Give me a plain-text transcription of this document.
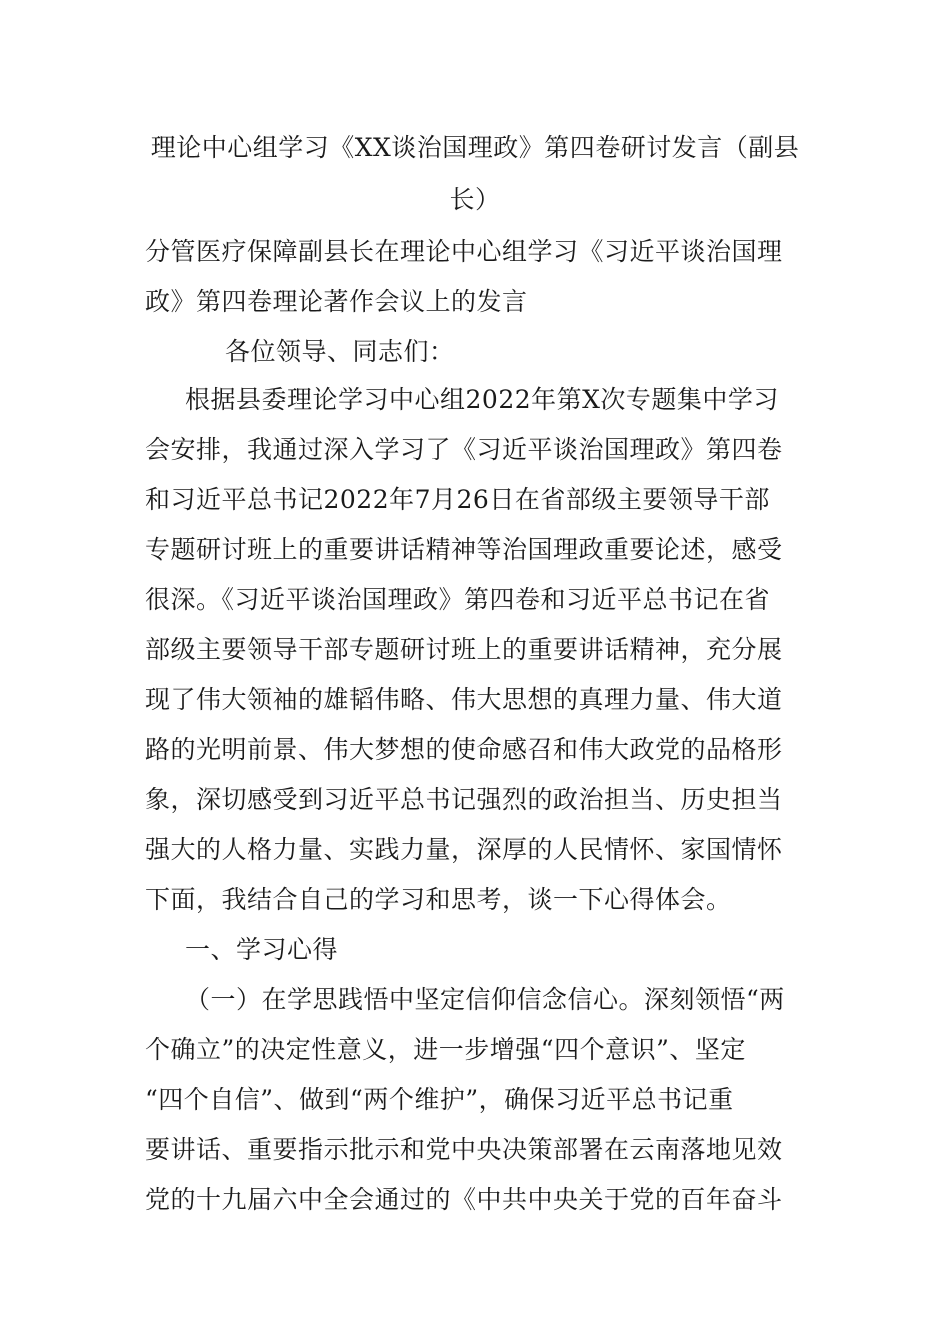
理论中心组学习《XX谈治国理政》第四卷研讨发言（副县
长）
分管医疗保障副县长在理论中心组学习《习近平谈治国理
政》第四卷理论著作会议上的发言
各位领导、同志们：
根据县委理论学习中心组2022年第X次专题集中学习
会安排，我通过深入学习了《习近平谈治国理政》第四卷
和习近平总书记2022年7月26日在省部级主要领导干部
专题研讨班上的重要讲话精神等治国理政重要论述，感受
很深。《习近平谈治国理政》第四卷和习近平总书记在省
部级主要领导干部专题研讨班上的重要讲话精神，充分展
现了伟大领袖的雄韬伟略、伟大思想的真理力量、伟大道
路的光明前景、伟大梦想的使命感召和伟大政党的品格形
象，深切感受到习近平总书记强烈的政治担当、历史担当
强大的人格力量、实践力量，深厚的人民情怀、家国情怀
下面，我结合自己的学习和思考，谈一下心得体会。
一、学习心得
（一）在学思践悟中坚定信仰信念信心。深刻领悟“两
个确立”的决定性意义，进一步增强“四个意识”、坚定
“四个自信”、做到“两个维护”，确保习近平总书记重
要讲话、重要指示批示和党中央决策部署在云南落地见效
党的十九届六中全会通过的《中共中央关于党的百年奋斗
